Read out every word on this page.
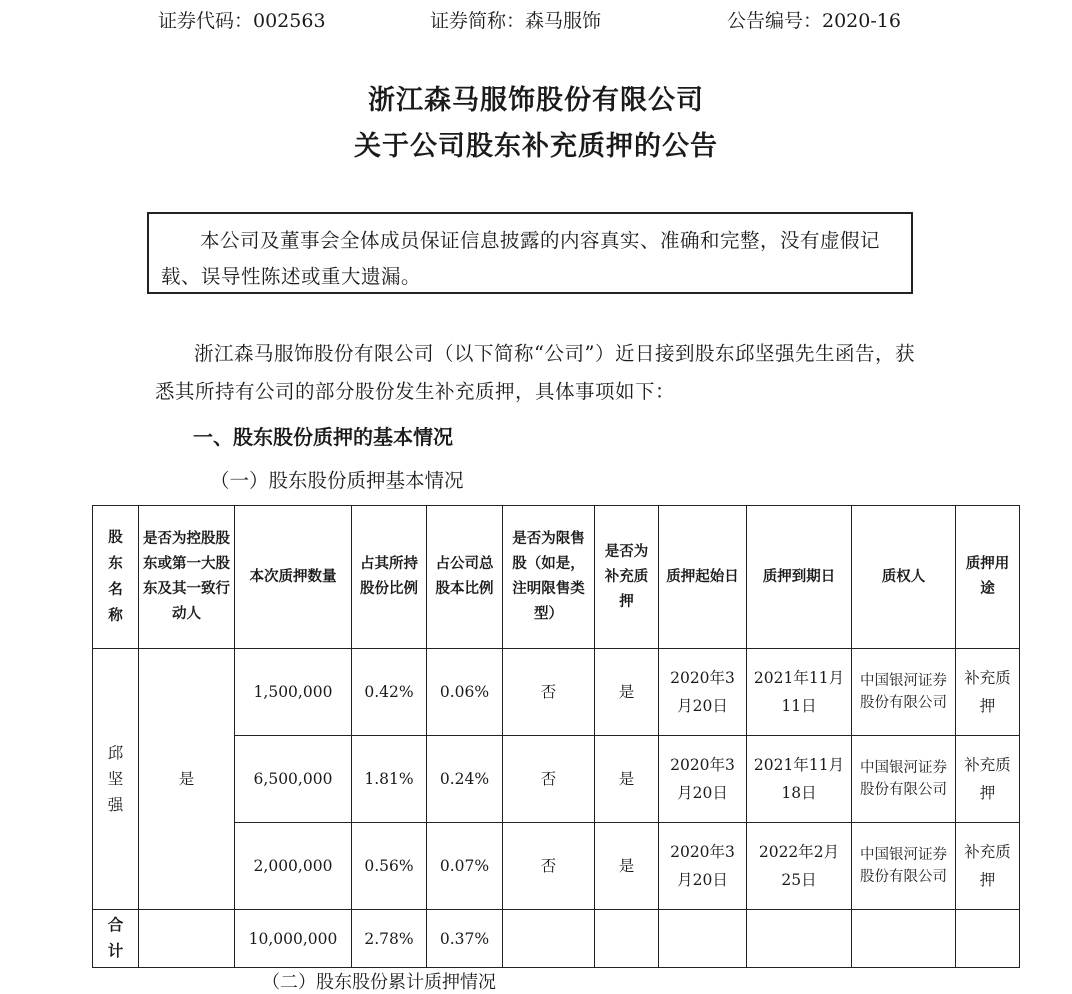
证券代码：002563	证券简称：森马服饰	公告编号：2020-16
浙江森马服饰股份有限公司
关于公司股东补充质押的公告
本公司及董事会全体成员保证信息披露的内容真实、准确和完整，没有虚假记载、误导性陈述或重大遗漏。
浙江森马服饰股份有限公司（以下简称“公司”）近日接到股东邱坚强先生函告，获悉其所持有公司的部分股份发生补充质押，具体事项如下：
一、股东股份质押的基本情况
（一）股东股份质押基本情况
股东名称	是否为控股股东或第一大股东及其一致行动人	本次质押数量	占其所持股份比例	占公司总股本比例	是否为限售股（如是，注明限售类型）	是否为补充质押	质押起始日	质押到期日	质权人	质押用途
邱坚强	是	1,500,000	0.42%	0.06%	否	是	2020年3月20日	2021年11月11日	中国银河证券股份有限公司	补充质押
		6,500,000	1.81%	0.24%	否	是	2020年3月20日	2021年11月18日	中国银河证券股份有限公司	补充质押
		2,000,000	0.56%	0.07%	否	是	2020年3月20日	2022年2月25日	中国银河证券股份有限公司	补充质押
合计		10,000,000	2.78%	0.37%						
（二）股东股份累计质押情况
